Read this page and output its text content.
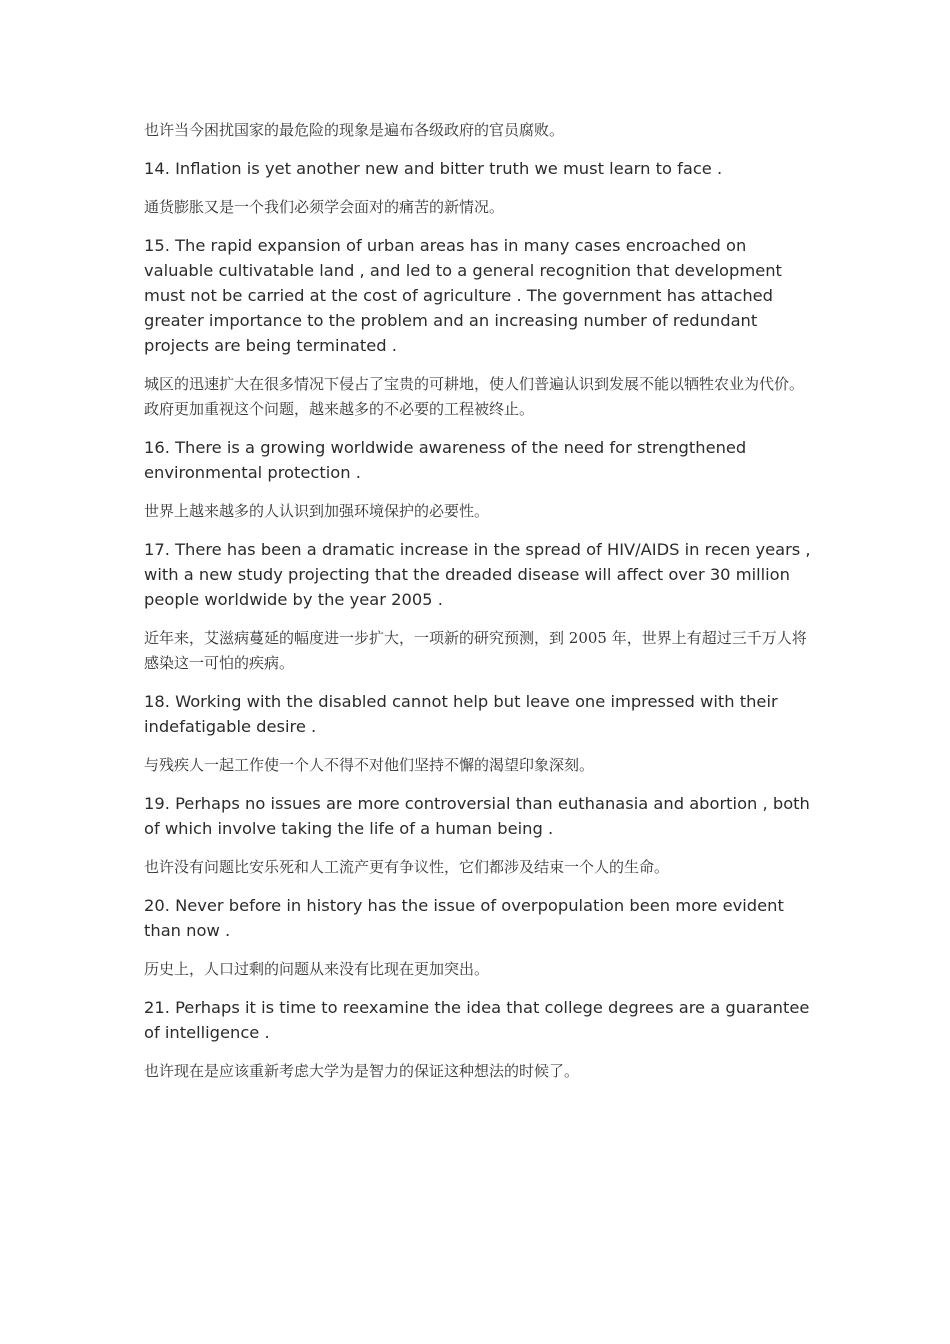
也许当今困扰国家的最危险的现象是遍布各级政府的官员腐败。

14. Inflation is yet another new and bitter truth we must learn to face .

通货膨胀又是一个我们必须学会面对的痛苦的新情况。

15. The rapid expansion of urban areas has in many cases encroached on valuable cultivatable land , and led to a general recognition that development must not be carried at the cost of agriculture . The government has attached greater importance to the problem and an increasing number of redundant projects are being terminated .

城区的迅速扩大在很多情况下侵占了宝贵的可耕地，使人们普遍认识到发展不能以牺牲农业为代价。政府更加重视这个问题，越来越多的不必要的工程被终止。

16. There is a growing worldwide awareness of the need for strengthened environmental protection .

世界上越来越多的人认识到加强环境保护的必要性。

17. There has been a dramatic increase in the spread of HIV/AIDS in recen years , with a new study projecting that the dreaded disease will affect over 30 million people worldwide by the year 2005 .

近年来，艾滋病蔓延的幅度进一步扩大，一项新的研究预测，到 2005 年，世界上有超过三千万人将感染这一可怕的疾病。

18. Working with the disabled cannot help but leave one impressed with their indefatigable desire .

与残疾人一起工作使一个人不得不对他们坚持不懈的渴望印象深刻。

19. Perhaps no issues are more controversial than euthanasia and abortion , both of which involve taking the life of a human being .

也许没有问题比安乐死和人工流产更有争议性，它们都涉及结束一个人的生命。

20. Never before in history has the issue of overpopulation been more evident than now .

历史上，人口过剩的问题从来没有比现在更加突出。

21. Perhaps it is time to reexamine the idea that college degrees are a guarantee of intelligence .

也许现在是应该重新考虑大学为是智力的保证这种想法的时候了。
